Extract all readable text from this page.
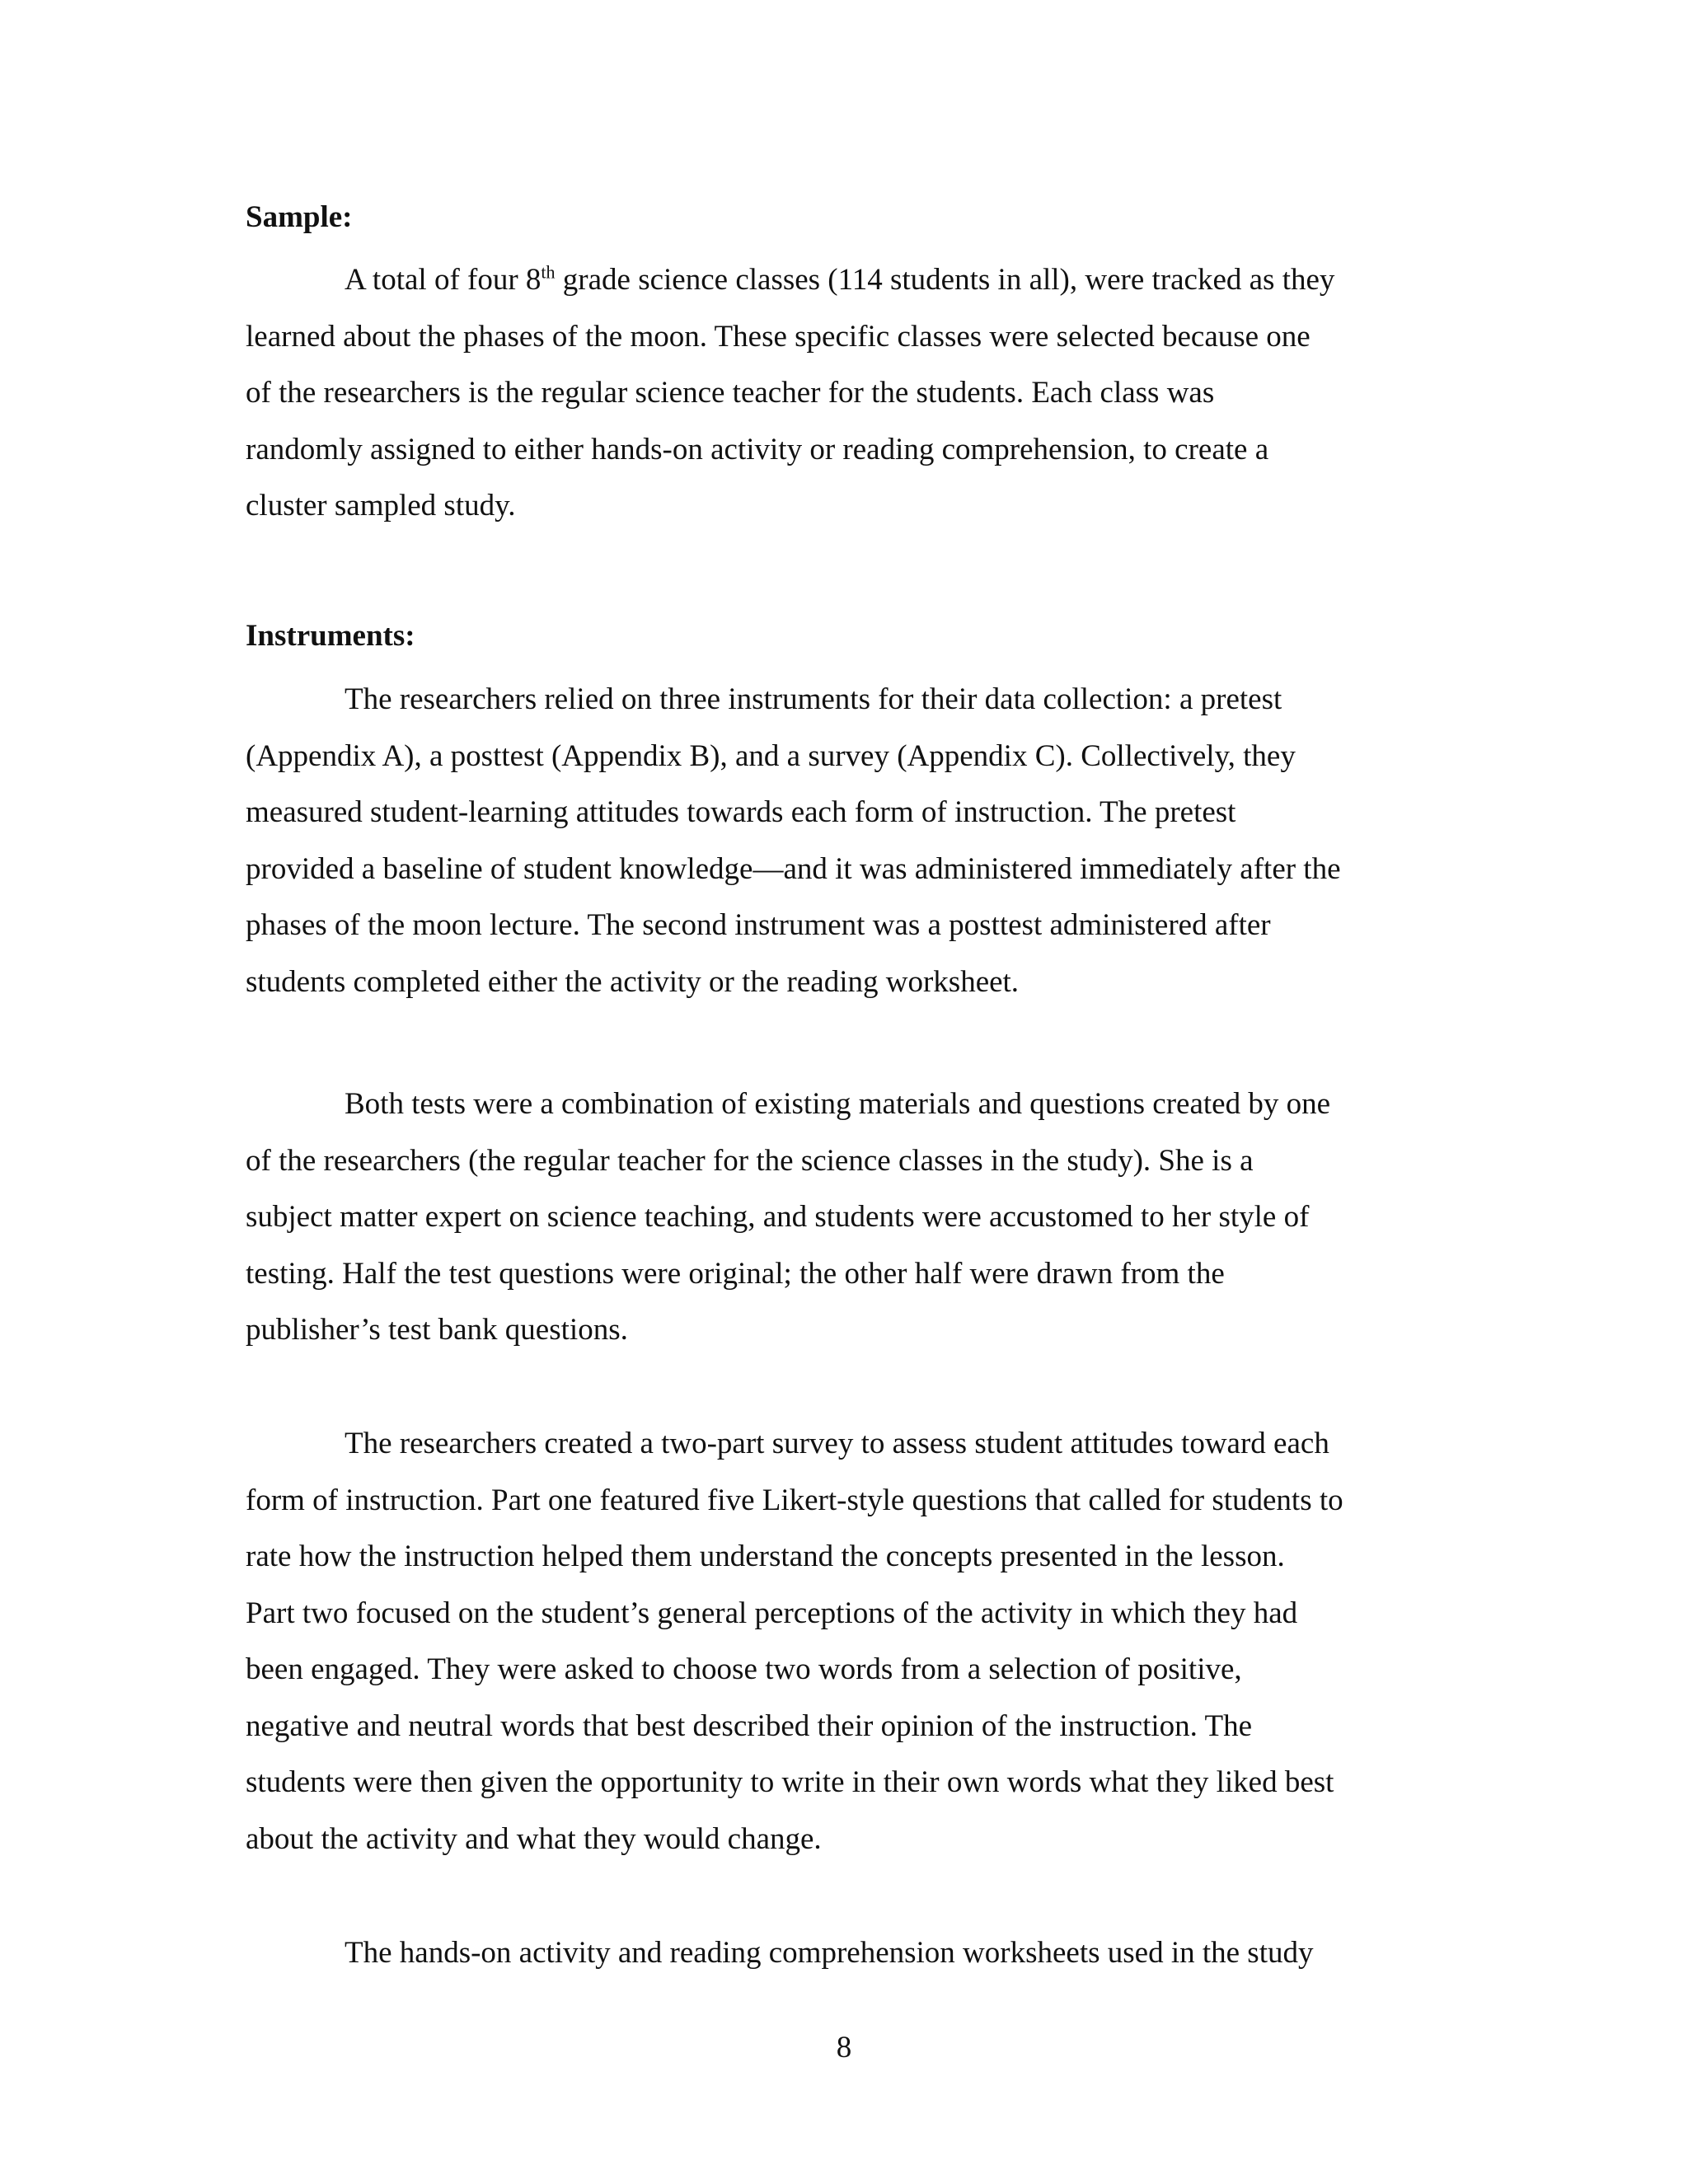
Sample:

A total of four 8th grade science classes (114 students in all), were tracked as they
learned about the phases of the moon. These specific classes were selected because one
of the researchers is the regular science teacher for the students. Each class was
randomly assigned to either hands-on activity or reading comprehension, to create a
cluster sampled study.

Instruments:

The researchers relied on three instruments for their data collection: a pretest
(Appendix A), a posttest (Appendix B), and a survey (Appendix C). Collectively, they
measured student-learning attitudes towards each form of instruction. The pretest
provided a baseline of student knowledge—and it was administered immediately after the
phases of the moon lecture. The second instrument was a posttest administered after
students completed either the activity or the reading worksheet.

Both tests were a combination of existing materials and questions created by one
of the researchers (the regular teacher for the science classes in the study). She is a
subject matter expert on science teaching, and students were accustomed to her style of
testing. Half the test questions were original; the other half were drawn from the
publisher’s test bank questions.

The researchers created a two-part survey to assess student attitudes toward each
form of instruction. Part one featured five Likert-style questions that called for students to
rate how the instruction helped them understand the concepts presented in the lesson.
Part two focused on the student’s general perceptions of the activity in which they had
been engaged. They were asked to choose two words from a selection of positive,
negative and neutral words that best described their opinion of the instruction. The
students were then given the opportunity to write in their own words what they liked best
about the activity and what they would change.

The hands-on activity and reading comprehension worksheets used in the study

8
